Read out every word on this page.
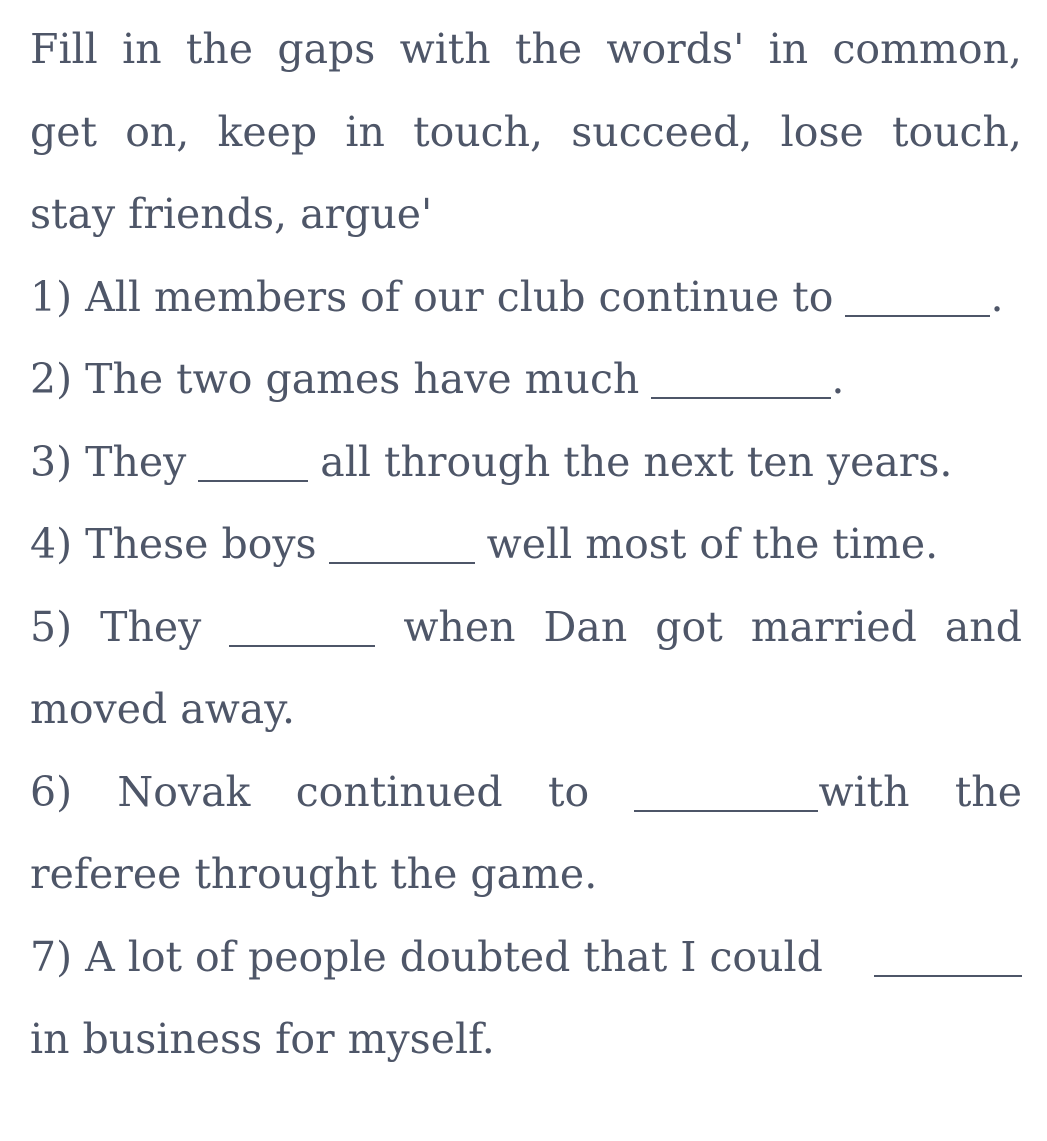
Fill in the gaps with the words' in common,
get on, keep in touch, succeed, lose touch,
stay friends, argue'
1) All members of our club continue to	.
2) The two games have much	.
3) They	all through the next ten years.
4) These boys	well most of the time.
5) They	when Dan got married and
moved away.
6) Novak continued to	with the
referee throught the game.
7) A lot of people doubted that I could
in business for myself.
